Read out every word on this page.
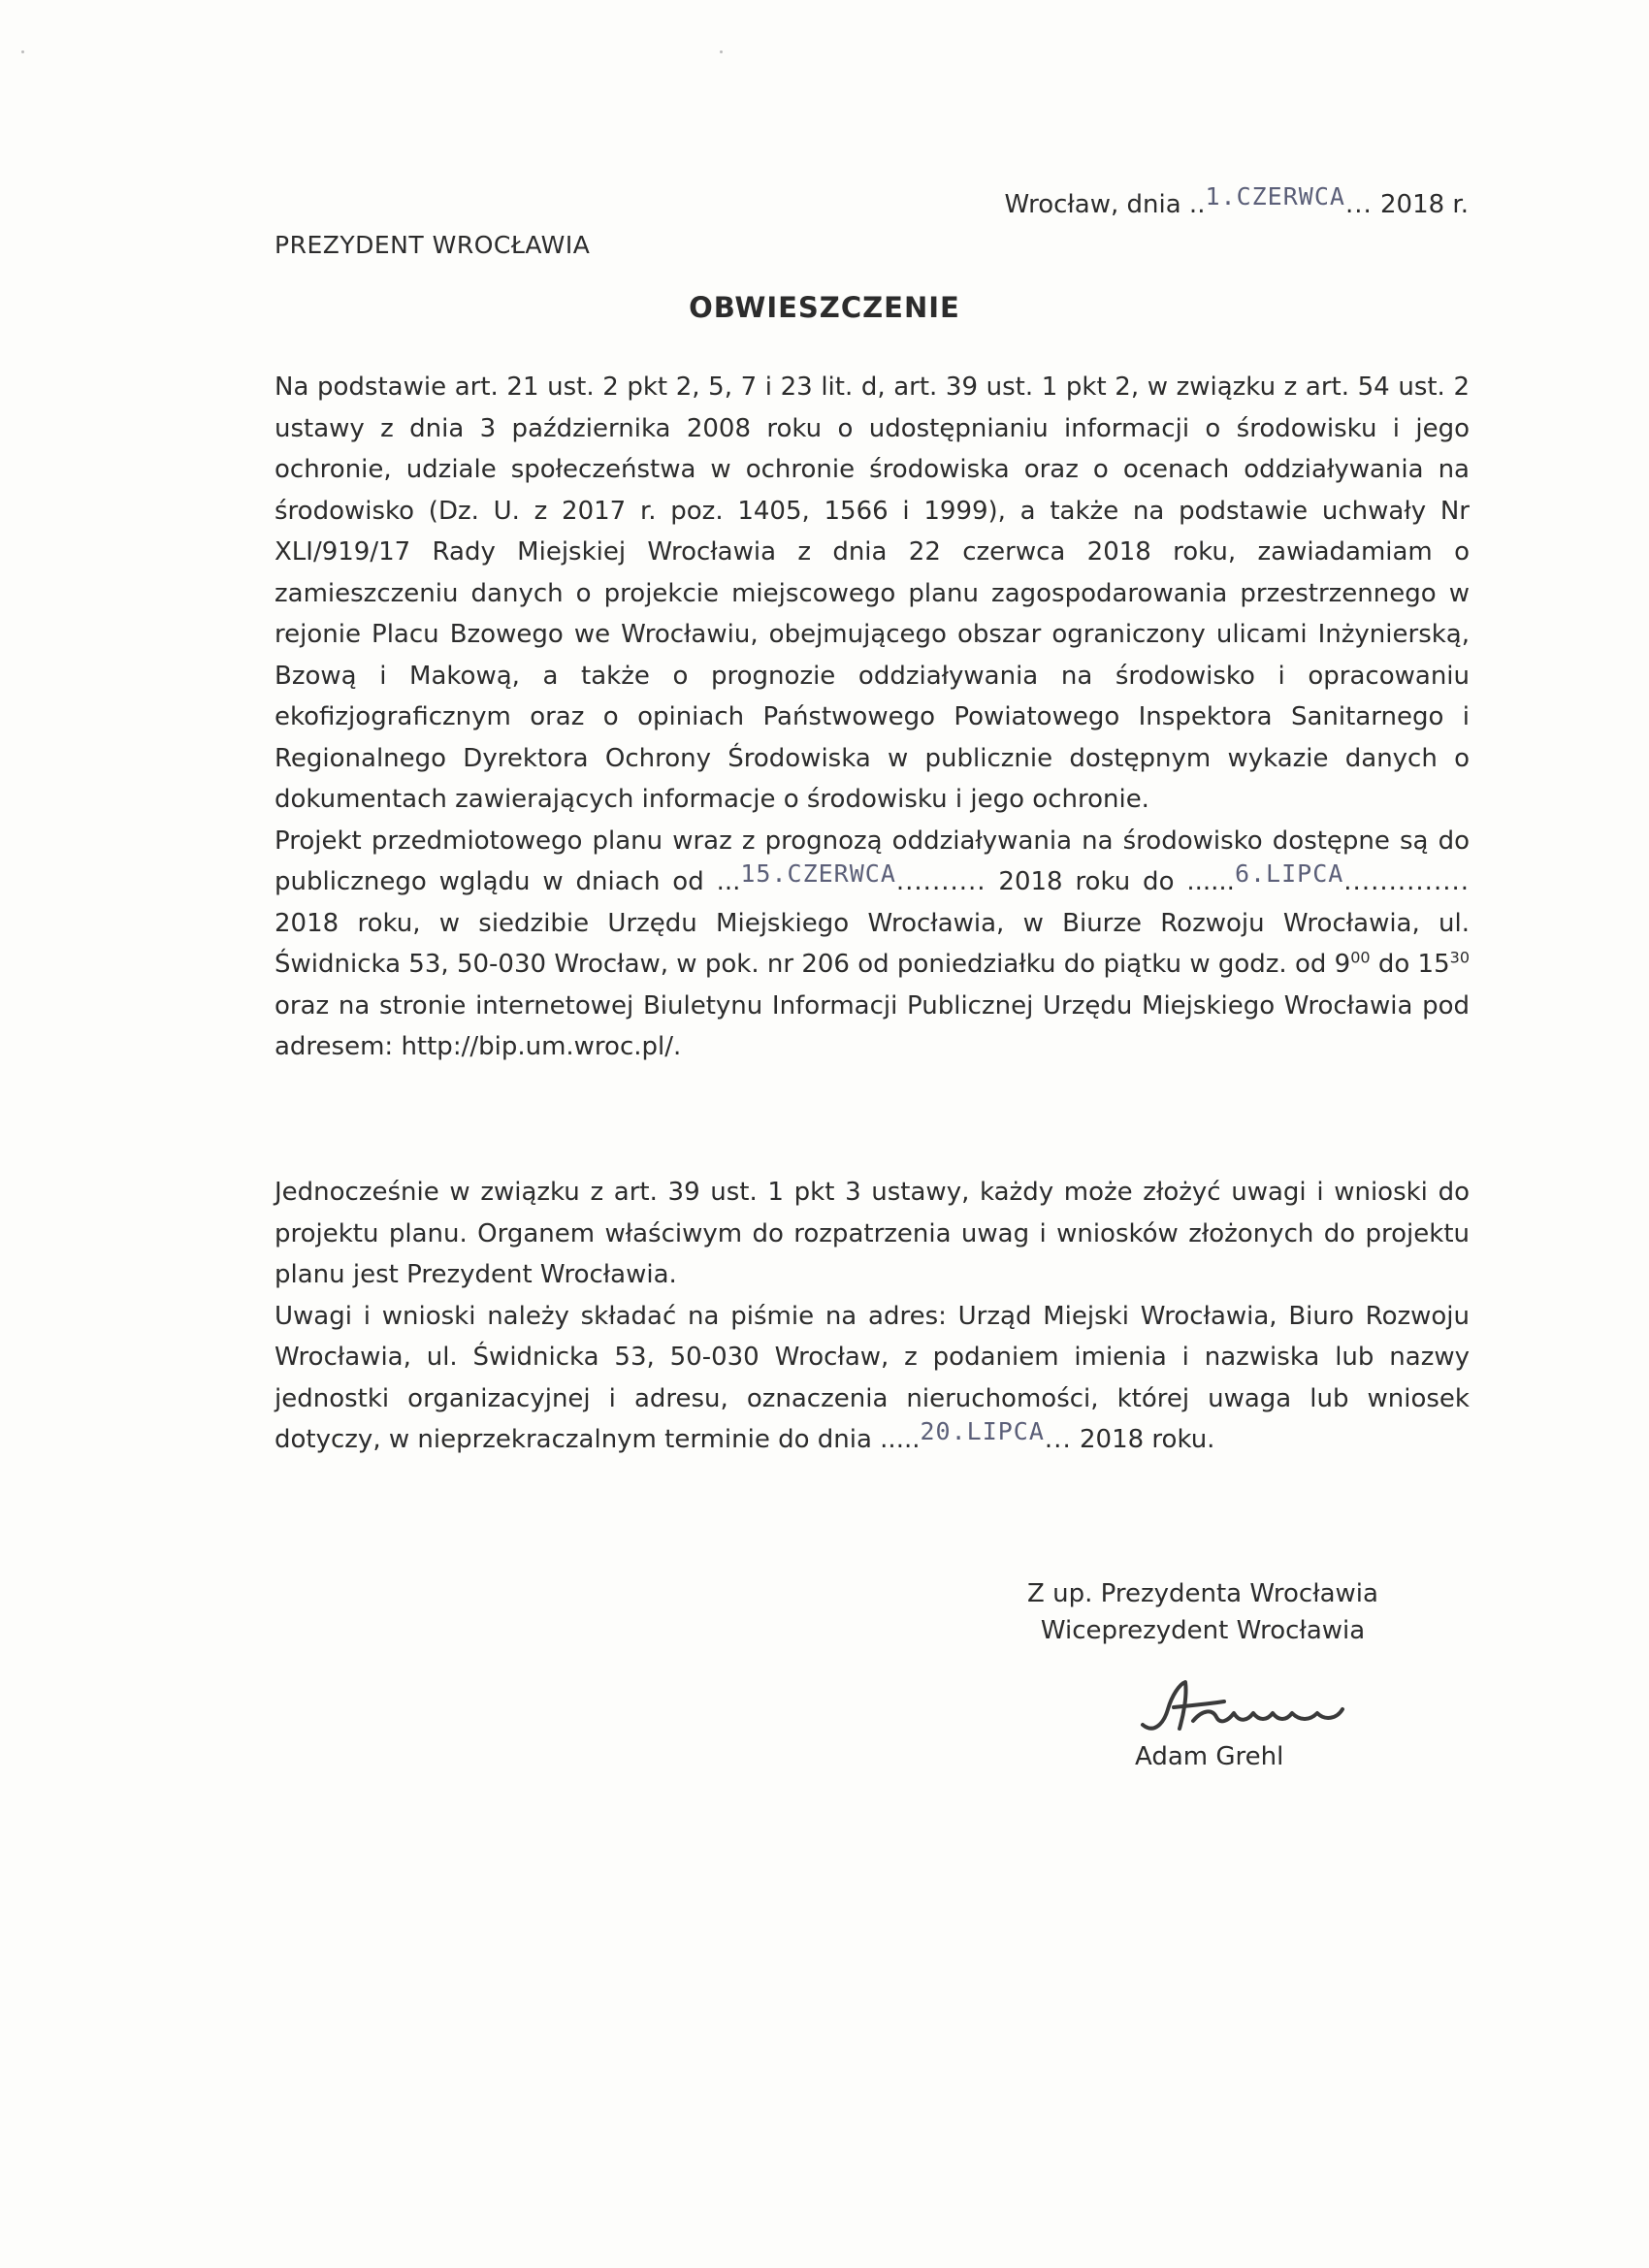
Wrocław, dnia ..1.CZERWCA... 2018 r.
PREZYDENT WROCŁAWIA
OBWIESZCZENIE

Na podstawie art. 21 ust. 2 pkt 2, 5, 7 i 23 lit. d, art. 39 ust. 1 pkt 2, w związku z art. 54 ust. 2 ustawy z dnia 3 października 2008 roku o udostępnianiu informacji o środowisku i jego ochronie, udziale społeczeństwa w ochronie środowiska oraz o ocenach oddziaływania na środowisko (Dz. U. z 2017 r. poz. 1405, 1566 i 1999), a także na podstawie uchwały Nr XLI/919/17 Rady Miejskiej Wrocławia z dnia 22 czerwca 2018 roku, zawiadamiam o zamieszczeniu danych o projekcie miejscowego planu zagospodarowania przestrzennego w rejonie Placu Bzowego we Wrocławiu, obejmującego obszar ograniczony ulicami Inżynierską, Bzową i Makową, a także o prognozie oddziaływania na środowisko i opracowaniu ekofizjograficznym oraz o opiniach Państwowego Powiatowego Inspektora Sanitarnego i Regionalnego Dyrektora Ochrony Środowiska w publicznie dostępnym wykazie danych o dokumentach zawierających informacje o środowisku i jego ochronie.

Projekt przedmiotowego planu wraz z prognozą oddziaływania na środowisko dostępne są do publicznego wglądu w dniach od ...15.CZERWCA.......... 2018 roku do ......6.LIPCA.............. 2018 roku, w siedzibie Urzędu Miejskiego Wrocławia, w Biurze Rozwoju Wrocławia, ul. Świdnicka 53, 50-030 Wrocław, w pok. nr 206 od poniedziałku do piątku w godz. od $9^{00}$ do $15^{30}$ oraz na stronie internetowej Biuletynu Informacji Publicznej Urzędu Miejskiego Wrocławia pod adresem: http://bip.um.wroc.pl/.

Jednocześnie w związku z art. 39 ust. 1 pkt 3 ustawy, każdy może złożyć uwagi i wnioski do projektu planu. Organem właściwym do rozpatrzenia uwag i wniosków złożonych do projektu planu jest Prezydent Wrocławia.

Uwagi i wnioski należy składać na piśmie na adres: Urząd Miejski Wrocławia, Biuro Rozwoju Wrocławia, ul. Świdnicka 53, 50-030 Wrocław, z podaniem imienia i nazwiska lub nazwy jednostki organizacyjnej i adresu, oznaczenia nieruchomości, której uwaga lub wniosek dotyczy, w nieprzekraczalnym terminie do dnia .....20.LIPCA... 2018 roku.

Z up. Prezydenta Wrocławia
Wiceprezydent Wrocławia
Adam Grehl
